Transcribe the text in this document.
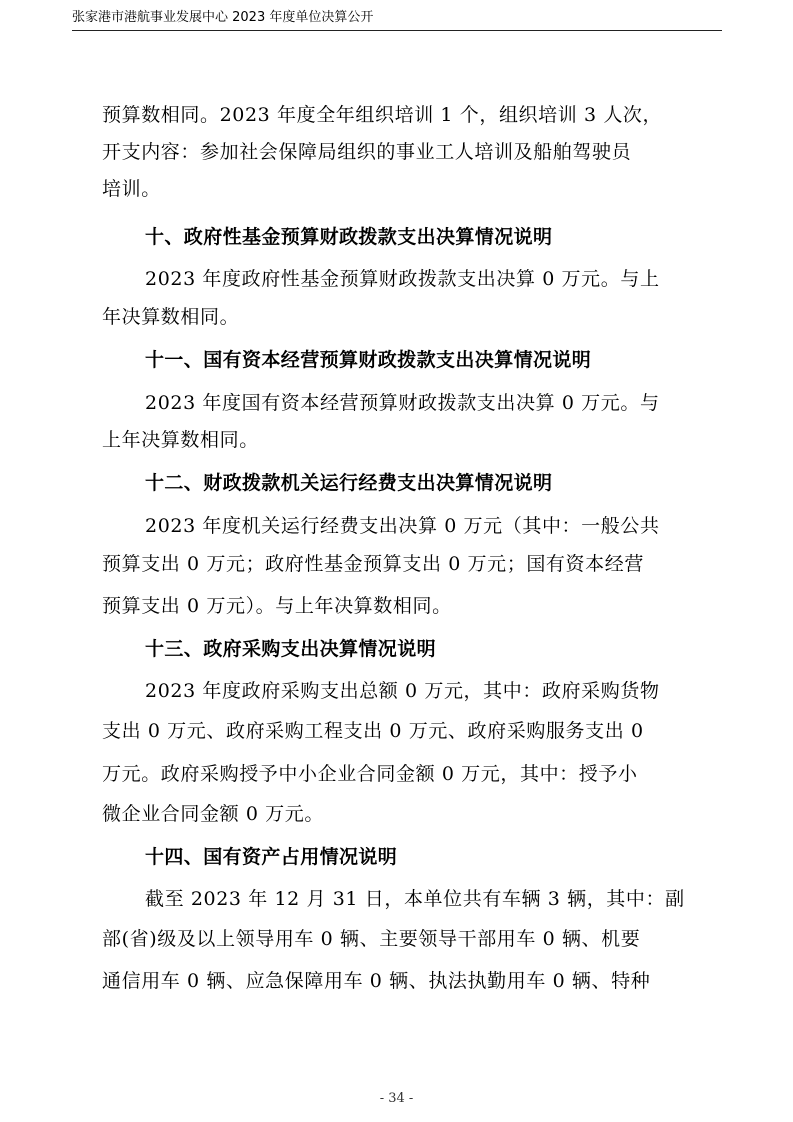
张家港市港航事业发展中心 2023 年度单位决算公开
预算数相同。2023 年度全年组织培训 1 个，组织培训 3 人次，
开支内容：参加社会保障局组织的事业工人培训及船舶驾驶员
培训。
十、政府性基金预算财政拨款支出决算情况说明
2023 年度政府性基金预算财政拨款支出决算 0 万元。与上
年决算数相同。
十一、国有资本经营预算财政拨款支出决算情况说明
2023 年度国有资本经营预算财政拨款支出决算 0 万元。与
上年决算数相同。
十二、财政拨款机关运行经费支出决算情况说明
2023 年度机关运行经费支出决算 0 万元（其中：一般公共
预算支出 0 万元；政府性基金预算支出 0 万元；国有资本经营
预算支出 0 万元）。与上年决算数相同。
十三、政府采购支出决算情况说明
2023 年度政府采购支出总额 0 万元，其中：政府采购货物
支出 0 万元、政府采购工程支出 0 万元、政府采购服务支出 0
万元。政府采购授予中小企业合同金额 0 万元，其中：授予小
微企业合同金额 0 万元。
十四、国有资产占用情况说明
截至 2023 年 12 月 31 日，本单位共有车辆 3 辆，其中：副
部(省)级及以上领导用车 0 辆、主要领导干部用车 0 辆、机要
通信用车 0 辆、应急保障用车 0 辆、执法执勤用车 0 辆、特种
- 34 -
